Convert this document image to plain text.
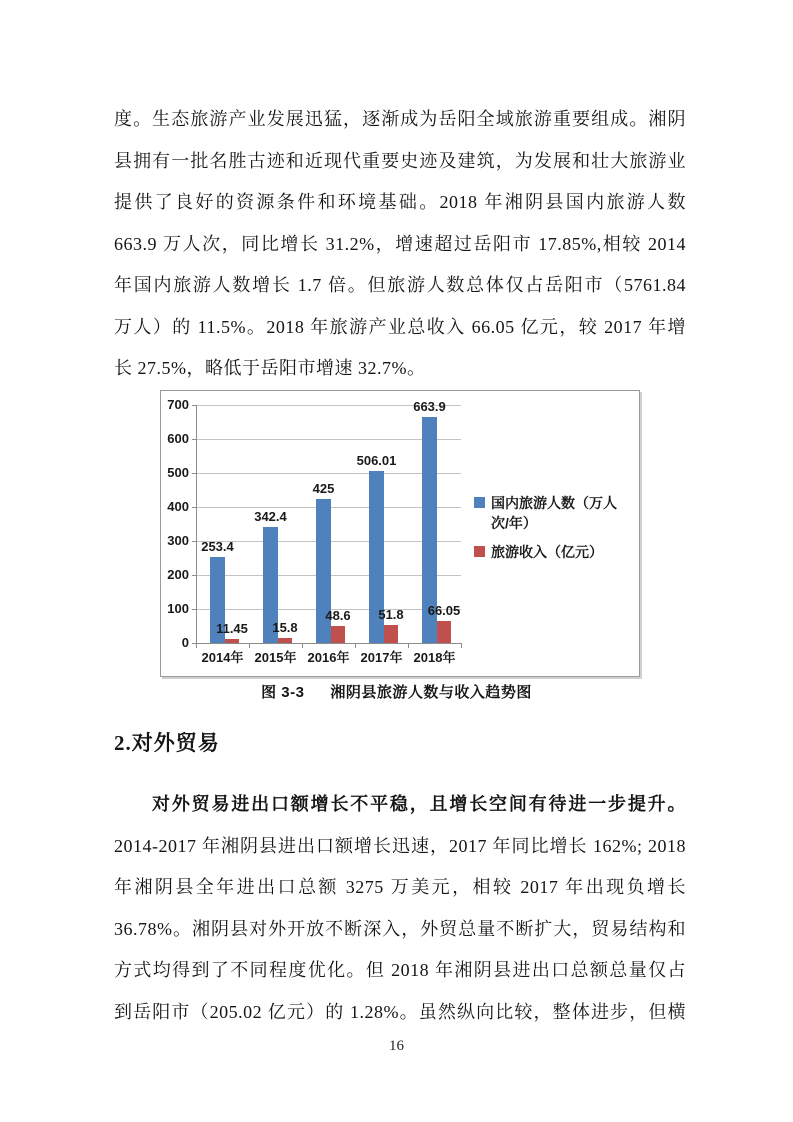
度。生态旅游产业发展迅猛，逐渐成为岳阳全域旅游重要组成。湘阴
县拥有一批名胜古迹和近现代重要史迹及建筑，为发展和壮大旅游业
提供了良好的资源条件和环境基础。2018 年湘阴县国内旅游人数
663.9 万人次，同比增长 31.2%，增速超过岳阳市 17.85%,相较 2014
年国内旅游人数增长 1.7 倍。但旅游人数总体仅占岳阳市（5761.84
万人）的 11.5%。2018 年旅游产业总收入 66.05 亿元，较 2017 年增
长 27.5%，略低于岳阳市增速 32.7%。
0
100
200
300
400
500
600
700
2014年 2015年 2016年 2017年 2018年
253.4
11.45
342.4
15.8
425
48.6
506.01
51.8
663.9
66.05
国内旅游人数（万人次/年）
旅游收入（亿元）
图 3-3 湘阴县旅游人数与收入趋势图
2.对外贸易
对外贸易进出口额增长不平稳，且增长空间有待进一步提升。
2014-2017 年湘阴县进出口额增长迅速，2017 年同比增长 162%; 2018
年湘阴县全年进出口总额 3275 万美元，相较 2017 年出现负增长
36.78%。湘阴县对外开放不断深入，外贸总量不断扩大，贸易结构和
方式均得到了不同程度优化。但 2018 年湘阴县进出口总额总量仅占
到岳阳市（205.02 亿元）的 1.28%。虽然纵向比较，整体进步，但横
16
